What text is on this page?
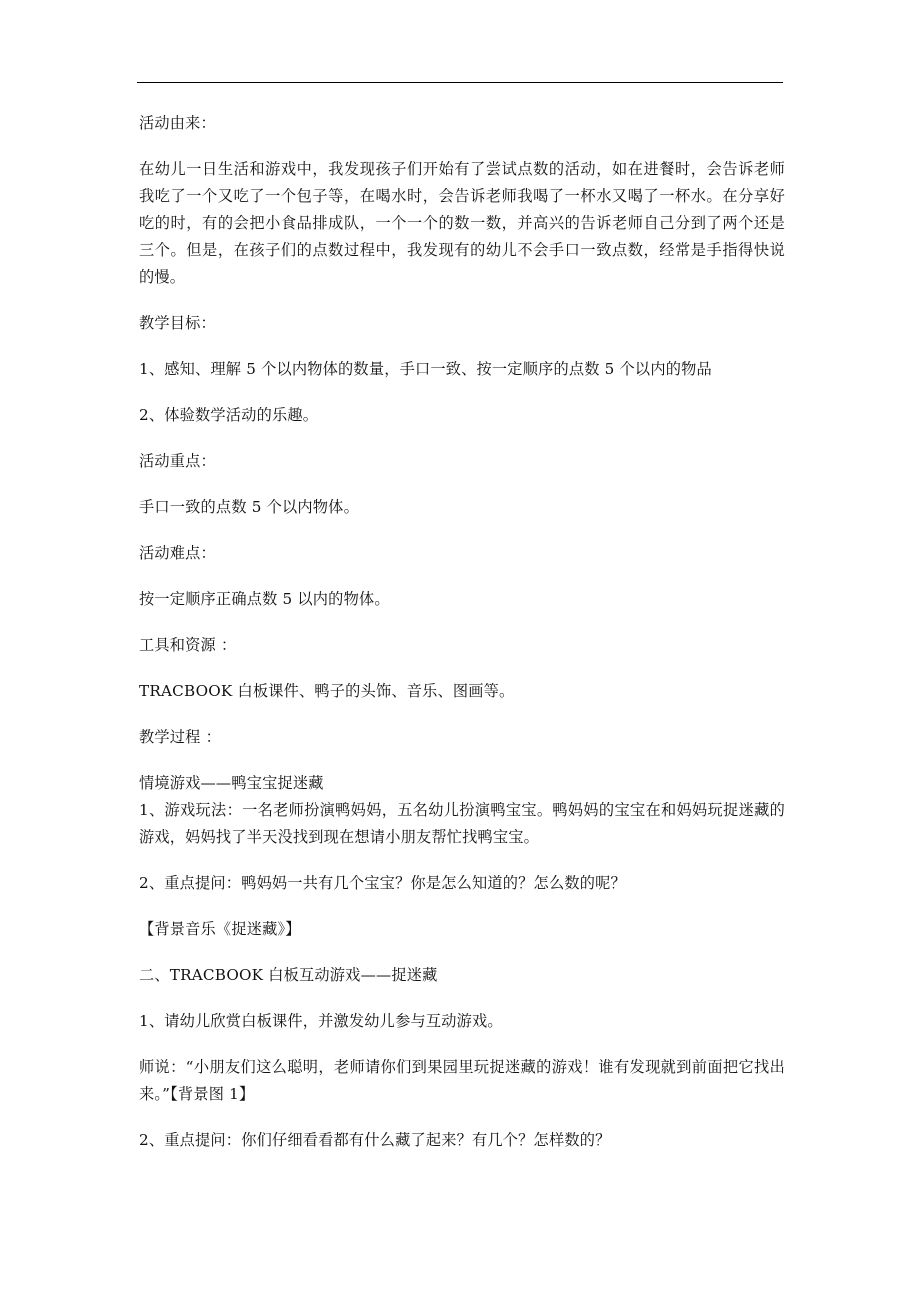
活动由来：

在幼儿一日生活和游戏中，我发现孩子们开始有了尝试点数的活动，如在进餐时，会告诉老师我吃了一个又吃了一个包子等，在喝水时，会告诉老师我喝了一杯水又喝了一杯水。在分享好吃的时，有的会把小食品排成队，一个一个的数一数，并高兴的告诉老师自己分到了两个还是三个。但是，在孩子们的点数过程中，我发现有的幼儿不会手口一致点数，经常是手指得快说的慢。

教学目标：

1、感知、理解 5 个以内物体的数量，手口一致、按一定顺序的点数 5 个以内的物品

2、体验数学活动的乐趣。

活动重点：

手口一致的点数 5 个以内物体。

活动难点：

按一定顺序正确点数 5 以内的物体。

工具和资源 ：

TRACBOOK 白板课件、鸭子的头饰、音乐、图画等。

教学过程 ：

情境游戏——鸭宝宝捉迷藏

1、游戏玩法：一名老师扮演鸭妈妈，五名幼儿扮演鸭宝宝。鸭妈妈的宝宝在和妈妈玩捉迷藏的游戏，妈妈找了半天没找到现在想请小朋友帮忙找鸭宝宝。

2、重点提问：鸭妈妈一共有几个宝宝？你是怎么知道的？怎么数的呢？

【背景音乐《捉迷藏》】

二、TRACBOOK 白板互动游戏——捉迷藏

1、请幼儿欣赏白板课件，并激发幼儿参与互动游戏。

师说：“小朋友们这么聪明，老师请你们到果园里玩捉迷藏的游戏！谁有发现就到前面把它找出来。”【背景图 1】

2、重点提问：你们仔细看看都有什么藏了起来？有几个？怎样数的？
